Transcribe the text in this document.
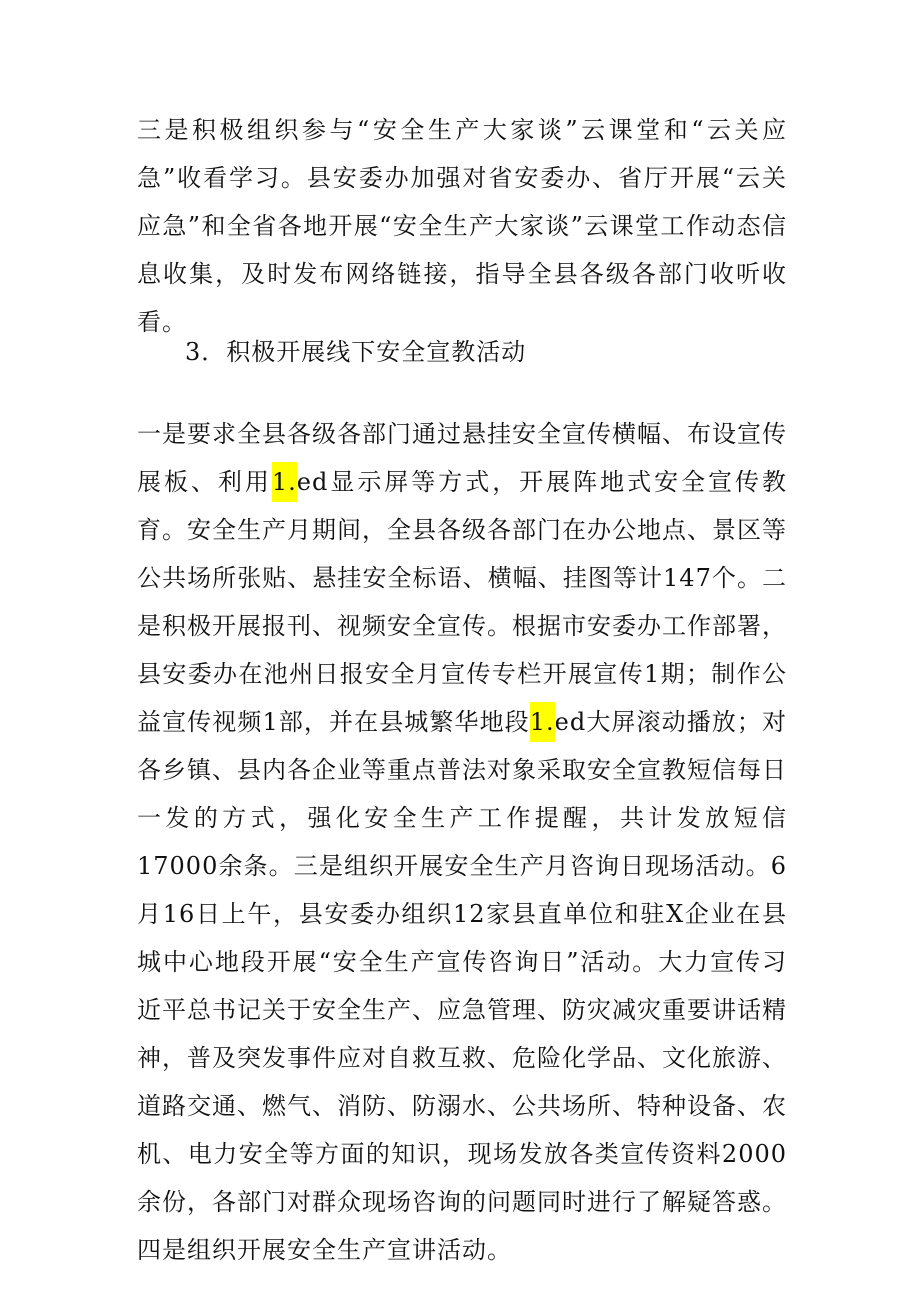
三是积极组织参与“安全生产大家谈”云课堂和“云关应急”收看学习。县安委办加强对省安委办、省厅开展“云关应急”和全省各地开展“安全生产大家谈”云课堂工作动态信息收集，及时发布网络链接，指导全县各级各部门收听收看。

3．积极开展线下安全宣教活动

一是要求全县各级各部门通过悬挂安全宣传横幅、布设宣传展板、利用1.ed显示屏等方式，开展阵地式安全宣传教育。安全生产月期间，全县各级各部门在办公地点、景区等公共场所张贴、悬挂安全标语、横幅、挂图等计147个。二是积极开展报刊、视频安全宣传。根据市安委办工作部署，县安委办在池州日报安全月宣传专栏开展宣传1期；制作公益宣传视频1部，并在县城繁华地段1.ed大屏滚动播放；对各乡镇、县内各企业等重点普法对象采取安全宣教短信每日一发的方式，强化安全生产工作提醒，共计发放短信17000余条。三是组织开展安全生产月咨询日现场活动。6月16日上午，县安委办组织12家县直单位和驻X企业在县城中心地段开展“安全生产宣传咨询日”活动。大力宣传习近平总书记关于安全生产、应急管理、防灾减灾重要讲话精神，普及突发事件应对自救互救、危险化学品、文化旅游、道路交通、燃气、消防、防溺水、公共场所、特种设备、农机、电力安全等方面的知识，现场发放各类宣传资料2000余份，各部门对群众现场咨询的问题同时进行了解疑答惑。四是组织开展安全生产宣讲活动。
